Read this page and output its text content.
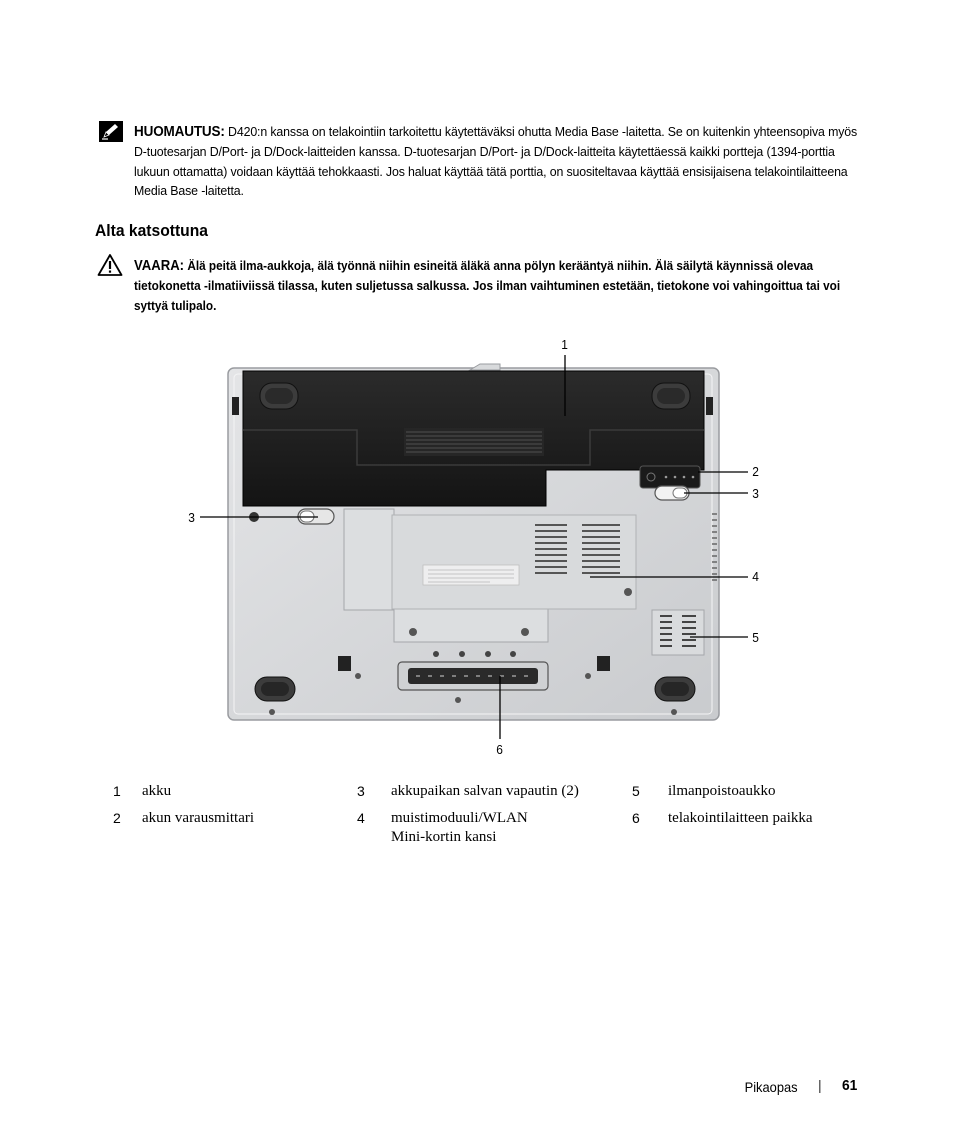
HUOMAUTUS: D420:n kanssa on telakointiin tarkoitettu käytettäväksi ohutta Media Base -laitetta. Se on kuitenkin yhteensopiva myös D-tuotesarjan D/Port- ja D/Dock-laitteiden kanssa. D-tuotesarjan D/Port- ja D/Dock-laitteita käytettäessä kaikki portteja (1394-porttia lukuun ottamatta) voidaan käyttää tehokkaasti. Jos haluat käyttää tätä porttia, on suositeltavaa käyttää ensisijaisena telakointilaitteena Media Base -laitetta.
Alta katsottuna
VAARA: Älä peitä ilma-aukkoja, älä työnnä niihin esineitä äläkä anna pölyn kerääntyä niihin. Älä säilytä käynnissä olevaa tietokonetta -ilmatiiviissä tilassa, kuten suljetussa salkussa. Jos ilman vaihtuminen estetään, tietokone voi vahingoittua tai voi syttyä tulipalo.
1
2
3
3
4
5
6
1 akku
2 akun varausmittari
3 akkupaikan salvan vapautin (2)
4 muistimoduuli/WLAN Mini-kortin kansi
5 ilmanpoistoaukko
6 telakointilaitteen paikka
Pikaopas | 61
